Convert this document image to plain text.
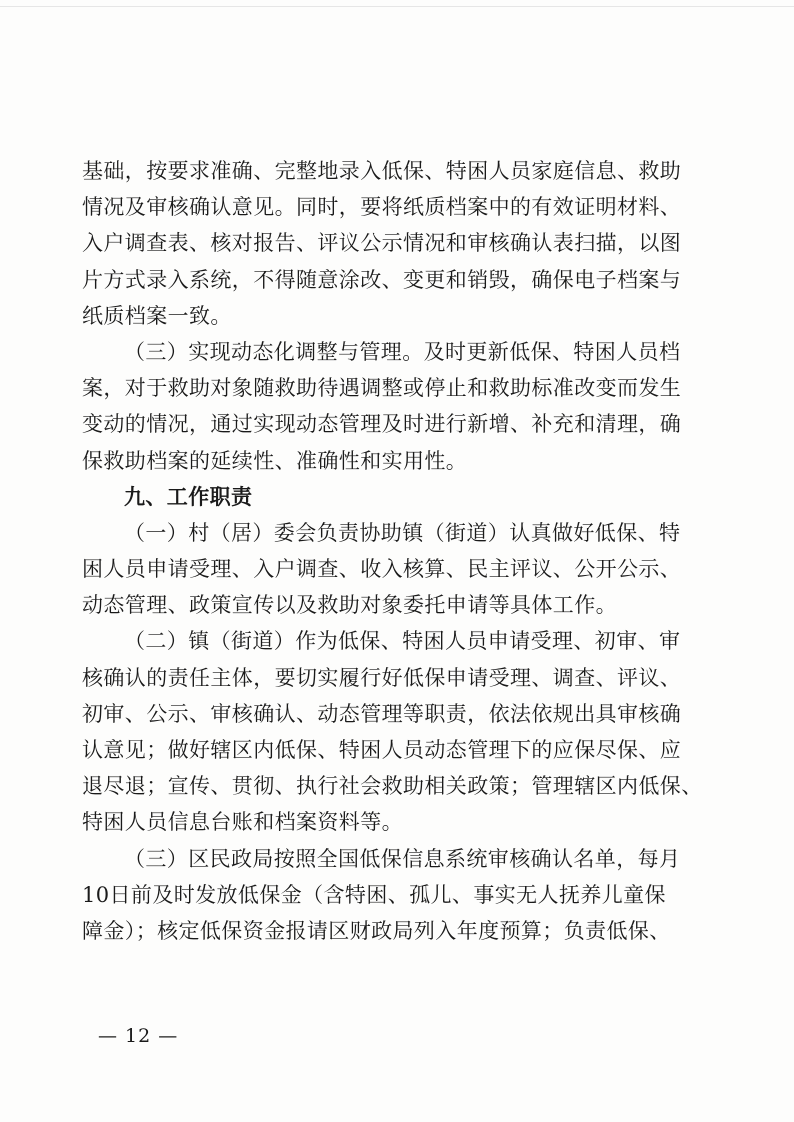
基础，按要求准确、完整地录入低保、特困人员家庭信息、救助
情况及审核确认意见。同时，要将纸质档案中的有效证明材料、
入户调查表、核对报告、评议公示情况和审核确认表扫描，以图
片方式录入系统，不得随意涂改、变更和销毁，确保电子档案与
纸质档案一致。
（三）实现动态化调整与管理。及时更新低保、特困人员档
案，对于救助对象随救助待遇调整或停止和救助标准改变而发生
变动的情况，通过实现动态管理及时进行新增、补充和清理，确
保救助档案的延续性、准确性和实用性。
九、工作职责
（一）村（居）委会负责协助镇（街道）认真做好低保、特
困人员申请受理、入户调查、收入核算、民主评议、公开公示、
动态管理、政策宣传以及救助对象委托申请等具体工作。
（二）镇（街道）作为低保、特困人员申请受理、初审、审
核确认的责任主体，要切实履行好低保申请受理、调查、评议、
初审、公示、审核确认、动态管理等职责，依法依规出具审核确
认意见；做好辖区内低保、特困人员动态管理下的应保尽保、应
退尽退；宣传、贯彻、执行社会救助相关政策；管理辖区内低保、
特困人员信息台账和档案资料等。
（三）区民政局按照全国低保信息系统审核确认名单，每月
10日前及时发放低保金（含特困、孤儿、事实无人抚养儿童保
障金）；核定低保资金报请区财政局列入年度预算；负责低保、
— 12 —
